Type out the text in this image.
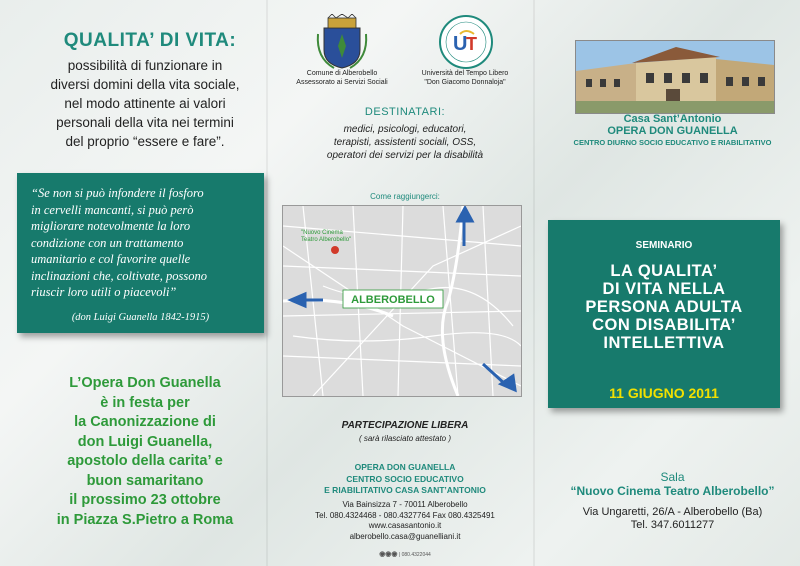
QUALITA’ DI VITA:
possibilità di funzionare in
diversi domini della vita sociale,
nel modo attinente ai valori
personali della vita nei termini
del proprio “essere e fare”.
“Se non si può infondere il fosforo
in cervelli mancanti, si può però
migliorare notevolmente la loro
condizione con un trattamento
umanitario e col favorire quelle
inclinazioni che, coltivate, possono
riuscir loro utili o piacevoli”
(don Luigi Guanella 1842-1915)
L’Opera Don Guanella
è in festa per
la Canonizzazione di
don Luigi Guanella,
apostolo della carita’ e
buon samaritano
il prossimo 23 ottobre
in Piazza S.Pietro a Roma
Comune di Alberobello
Assessorato ai Servizi Sociali
U
T
Università del Tempo Libero
"Don Giacomo Donnaloja"
DESTINATARI:
medici, psicologi, educatori,
terapisti, assistenti sociali, OSS,
operatori dei servizi per la disabilità
Come raggiungerci:
"Nuovo Cinema
Teatro Alberobello"
ALBEROBELLO
PARTECIPAZIONE LIBERA
( sarà rilasciato attestato )
OPERA DON GUANELLA
CENTRO SOCIO EDUCATIVO
E RIABILITATIVO CASA SANT’ANTONIO
Via Bainsizza 7 - 70011 Alberobello
Tel. 080.4324468 - 080.4327764 Fax 080.4325491
www.casasantonio.it
alberobello.casa@guanelliani.it
◉◉◉ | 080.4322044
Casa Sant’Antonio
OPERA DON GUANELLA
CENTRO DIURNO SOCIO EDUCATIVO E RIABILITATIVO
SEMINARIO
LA QUALITA’
DI VITA NELLA
PERSONA ADULTA
CON DISABILITA’
INTELLETTIVA
11 GIUGNO 2011
Sala
“Nuovo Cinema Teatro Alberobello”
Via Ungaretti, 26/A - Alberobello (Ba)
Tel. 347.6011277
